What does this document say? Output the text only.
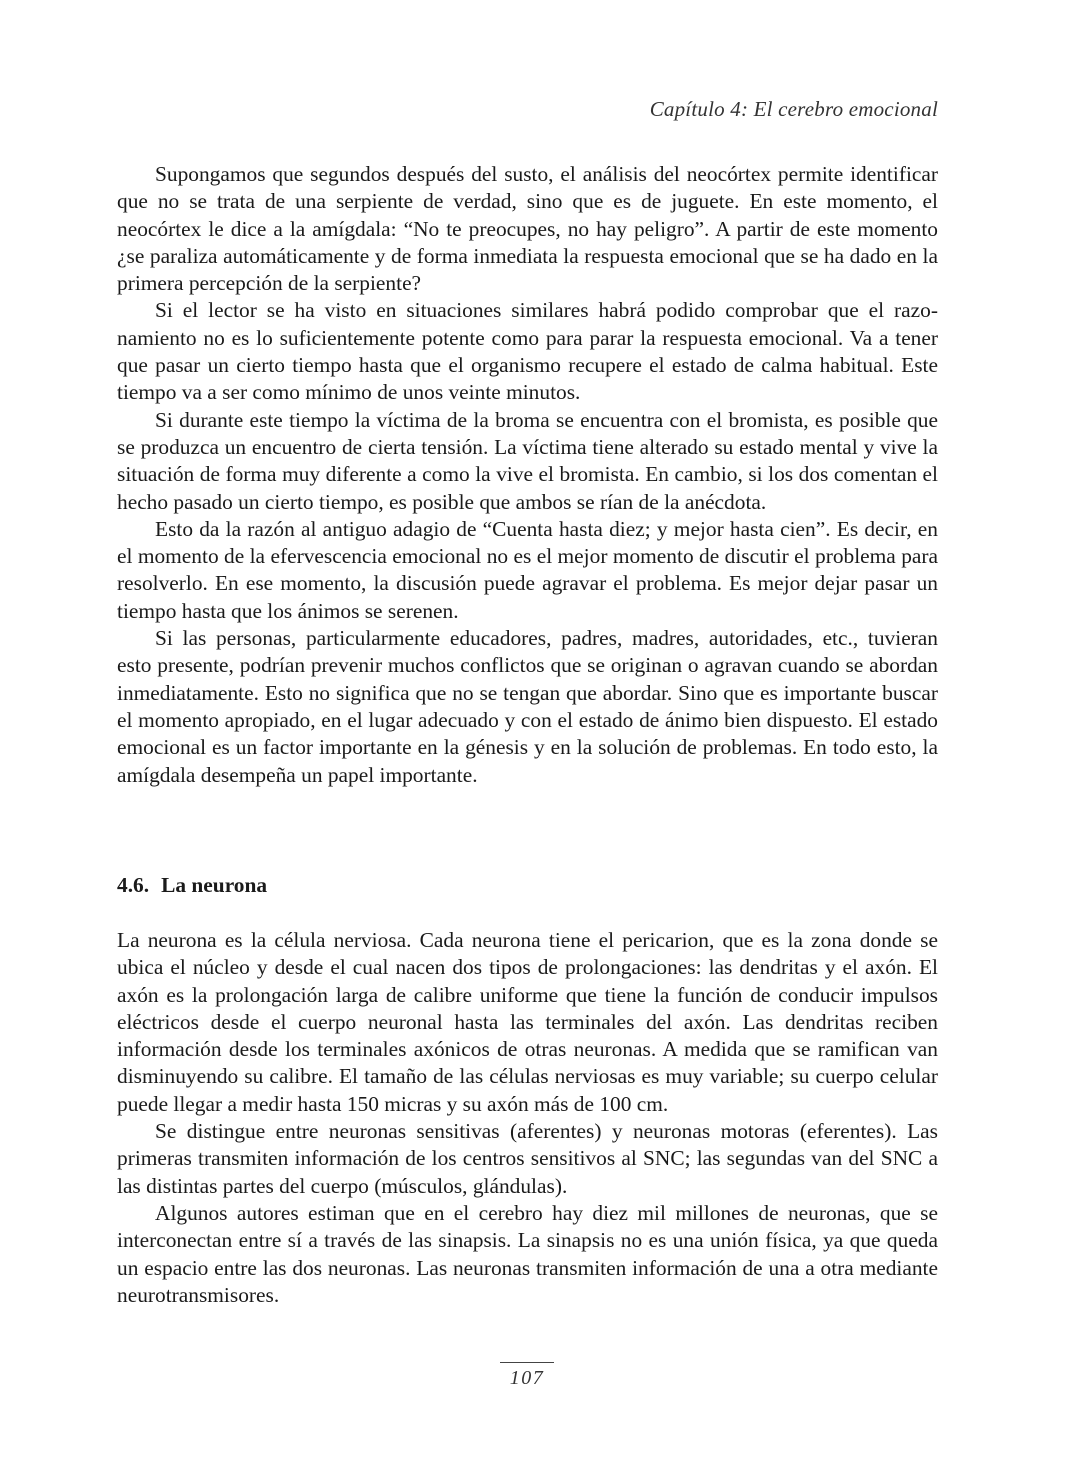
Capítulo 4: El cerebro emocional

Supongamos que segundos después del susto, el análisis del neocórtex permite identificar que no se trata de una serpiente de verdad, sino que es de juguete. En este momento, el neocórtex le dice a la amígdala: “No te preocupes, no hay peligro”. A partir de este momento ¿se paraliza automáticamente y de forma inmediata la respuesta emocional que se ha dado en la primera percepción de la serpiente?

Si el lector se ha visto en situaciones similares habrá podido comprobar que el razonamiento no es lo suficientemente potente como para parar la respuesta emocional. Va a tener que pasar un cierto tiempo hasta que el organismo recupere el estado de calma habitual. Este tiempo va a ser como mínimo de unos veinte minutos.

Si durante este tiempo la víctima de la broma se encuentra con el bromista, es posible que se produzca un encuentro de cierta tensión. La víctima tiene alterado su estado mental y vive la situación de forma muy diferente a como la vive el bromista. En cambio, si los dos comentan el hecho pasado un cierto tiempo, es posible que ambos se rían de la anécdota.

Esto da la razón al antiguo adagio de “Cuenta hasta diez; y mejor hasta cien”. Es decir, en el momento de la efervescencia emocional no es el mejor momento de discutir el problema para resolverlo. En ese momento, la discusión puede agravar el problema. Es mejor dejar pasar un tiempo hasta que los ánimos se serenen.

Si las personas, particularmente educadores, padres, madres, autoridades, etc., tuvieran esto presente, podrían prevenir muchos conflictos que se originan o agravan cuando se abordan inmediatamente. Esto no significa que no se tengan que abordar. Sino que es importante buscar el momento apropiado, en el lugar adecuado y con el estado de ánimo bien dispuesto. El estado emocional es un factor importante en la génesis y en la solución de problemas. En todo esto, la amígdala desempeña un papel importante.

4.6. La neurona

La neurona es la célula nerviosa. Cada neurona tiene el pericarion, que es la zona donde se ubica el núcleo y desde el cual nacen dos tipos de prolongaciones: las dendritas y el axón. El axón es la prolongación larga de calibre uniforme que tiene la función de conducir impulsos eléctricos desde el cuerpo neuronal hasta las terminales del axón. Las dendritas reciben información desde los terminales axónicos de otras neuronas. A medida que se ramifican van disminuyendo su calibre. El tamaño de las células nerviosas es muy variable; su cuerpo celular puede llegar a medir hasta 150 micras y su axón más de 100 cm.

Se distingue entre neuronas sensitivas (aferentes) y neuronas motoras (eferentes). Las primeras transmiten información de los centros sensitivos al SNC; las segundas van del SNC a las distintas partes del cuerpo (músculos, glándulas).

Algunos autores estiman que en el cerebro hay diez mil millones de neuronas, que se interconectan entre sí a través de las sinapsis. La sinapsis no es una unión física, ya que queda un espacio entre las dos neuronas. Las neuronas transmiten información de una a otra mediante neurotransmisores.

107
